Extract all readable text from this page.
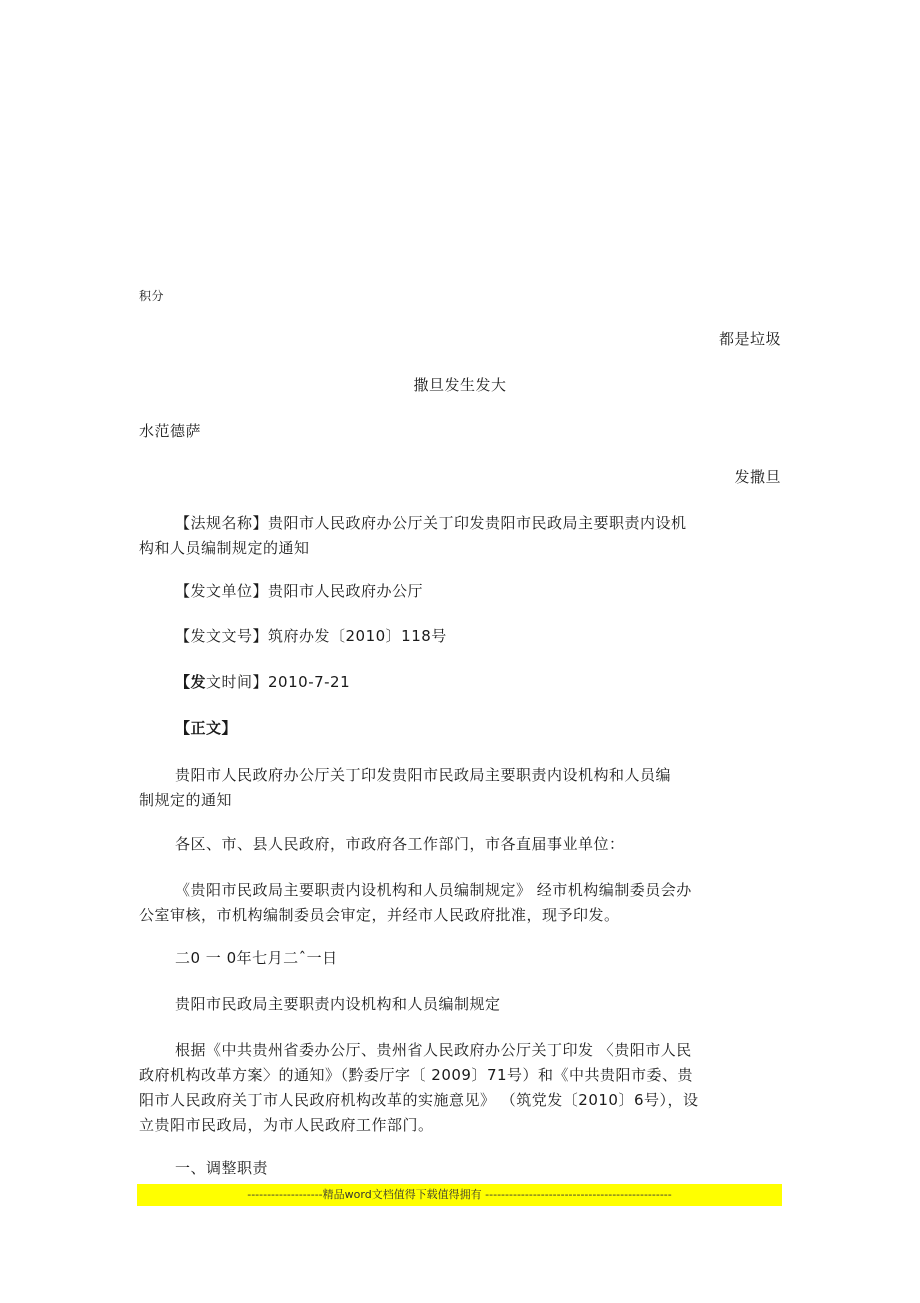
积分
都是垃圾
撒旦发生发大
水范德萨
发撒旦
【法规名称】贵阳市人民政府办公厅关丁印发贵阳市民政局主要职责内设机
构和人员编制规定的通知
【发文单位】贵阳市人民政府办公厅
【发文文号】筑府办发〔2010〕118号
【发文时间】2010-7-21
【正文】
贵阳市人民政府办公厅关丁印发贵阳市民政局主要职责内设机构和人员编
制规定的通知
各区、市、县人民政府，市政府各工作部门，市各直届事业单位：
《贵阳市民政局主要职责内设机构和人员编制规定》 经市机构编制委员会办
公室审核，市机构编制委员会审定，并经市人民政府批准，现予印发。
二0 一 0年七月二ˆ一日
贵阳市民政局主要职责内设机构和人员编制规定
根据《中共贵州省委办公厅、贵州省人民政府办公厅关丁印发 〈贵阳市人民
政府机构改革方案〉的通知》（黔委厅字〔 2009〕71号）和《中共贵阳市委、贵
阳市人民政府关丁市人民政府机构改革的实施意见》 （筑党发〔2010〕6号），设
立贵阳市民政局，为市人民政府工作部门。
一、调整职责
-------------------精品word文档值得下载值得拥有 -----------------------------------------------
